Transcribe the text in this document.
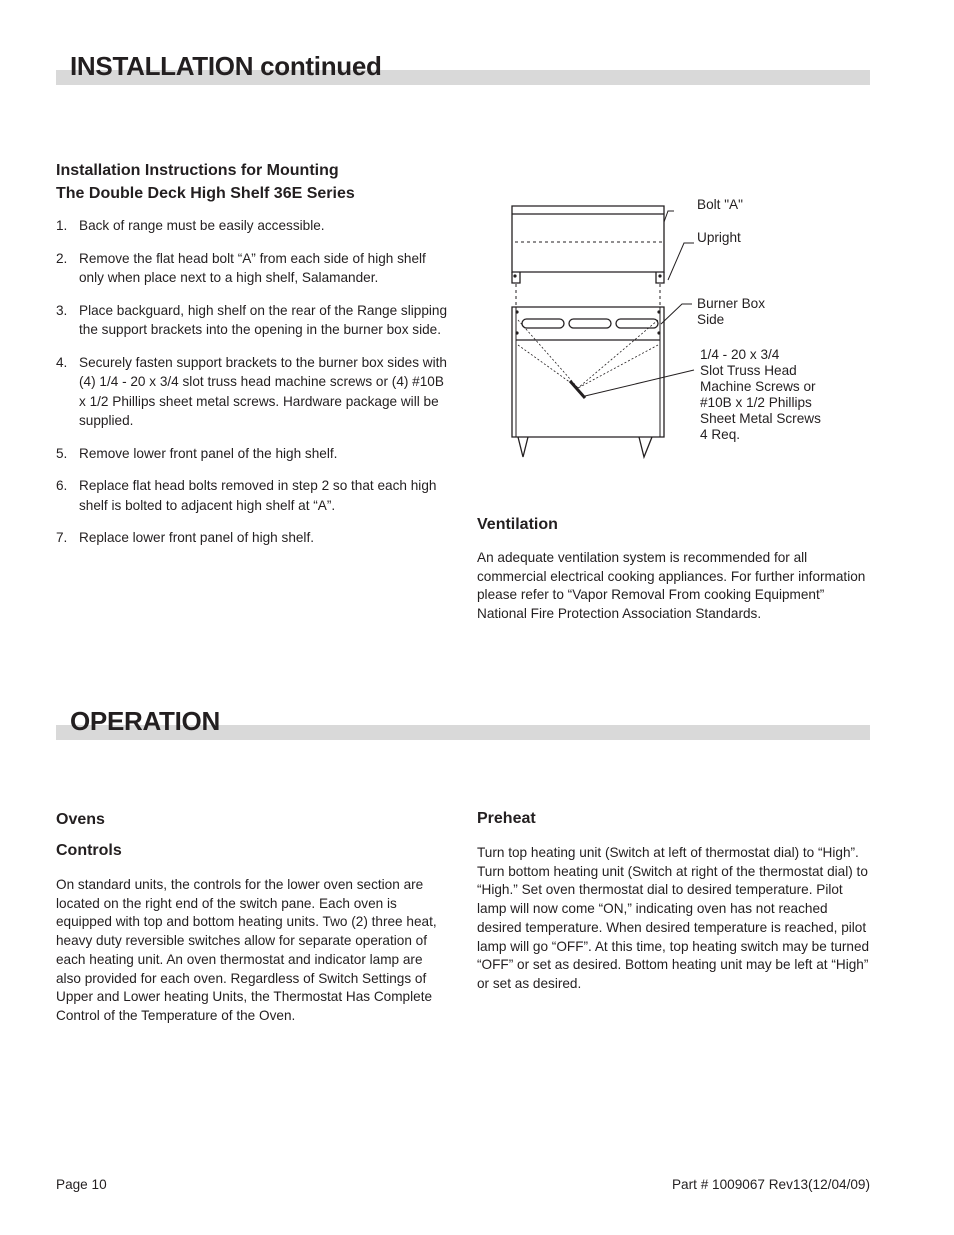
INSTALLATION continued
Installation Instructions for Mounting
The Double Deck High Shelf 36E Series
1. Back of range must be easily accessible.
2. Remove the flat head bolt “A” from each side of high shelf only when place next to a high shelf, Salamander.
3. Place backguard, high shelf on the rear of the Range slipping the support brackets into the opening in the burner box side.
4. Securely fasten support brackets to the burner box sides with (4) 1/4 - 20 x 3/4 slot truss head machine screws or (4) #10B x 1/2 Phillips sheet metal screws. Hardware package will be supplied.
5. Remove lower front panel of the high shelf.
6. Replace flat head bolts removed in step 2 so that each high shelf is bolted to adjacent high shelf at “A”.
7. Replace lower front panel of high shelf.

Bolt "A"

Upright

Burner Box
Side

1/4 - 20 x 3/4
Slot Truss Head
Machine Screws or
#10B x 1/2 Phillips
Sheet Metal Screws
4 Req.

Ventilation

An adequate ventilation system is recommended for all commercial electrical cooking appliances. For further information please refer to “Vapor Removal From cooking Equipment” National Fire Protection Association Standards.

OPERATION
Ovens
Controls

On standard units, the controls for the lower oven section are located on the right end of the switch pane. Each oven is equipped with top and bottom heating units. Two (2) three heat, heavy duty reversible switches allow for separate operation of each heating unit. An oven thermostat and indicator lamp are also provided for each oven. Regardless of Switch Settings of Upper and Lower heating Units, the Thermostat Has Complete Control of the Temperature of the Oven.

Preheat

Turn top heating unit (Switch at left of thermostat dial) to “High”. Turn bottom heating unit (Switch at right of the thermostat dial) to “High.” Set oven thermostat dial to desired temperature. Pilot lamp will now come “ON,” indicating oven has not reached desired temperature. When desired temperature is reached, pilot lamp will go “OFF”. At this time, top heating switch may be turned “OFF” or set as desired. Bottom heating unit may be left at “High” or set as desired.

Page 10	Part # 1009067 Rev13(12/04/09)
